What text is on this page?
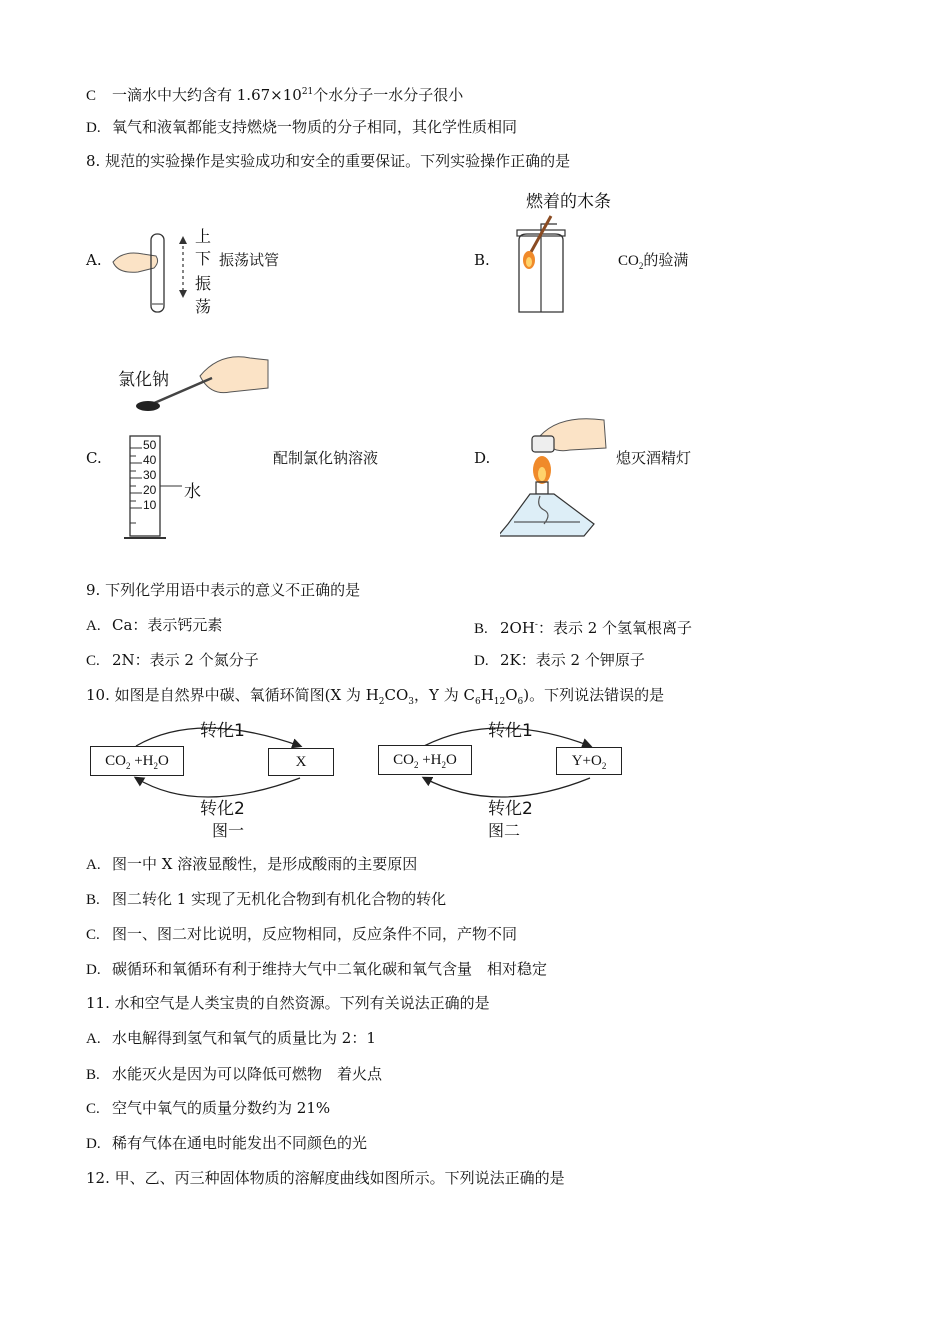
C 一滴水中大约含有 $1.67\times 10^{21}$个水分子一水分子很小
D. 氧气和液氧都能支持燃烧一物质的分子相同，其化学性质相同
8. 规范的实验操作是实验成功和安全的重要保证。下列实验操作正确的是
A.
上
下
振
荡
振荡试管	B.
燃着的木条
$CO_2$的验满
C.
氯化钠
50
40
30
20
10
水
配制氯化钠溶液	D.	熄灭酒精灯
9. 下列化学用语中表示的意义不正确的是
A. Ca：表示钙元素	B. 2OH-：表示 2 个氢氧根离子
C. 2N：表示 2 个氮分子	D. 2K：表示 2 个钾原子
10. 如图是自然界中碳、氧循环简图(X 为 $H_2CO_3$，Y 为 $C_6H_{12}O_6$)。下列说法错误的是
$CO_2 +H_2O$	X
转化1
转化2
图一
$CO_2 +H_2O$	$Y+O_2$
转化1
转化2
图二
A. 图一中 X 溶液显酸性，是形成酸雨的主要原因
B. 图二转化 1 实现了无机化合物到有机化合物的转化
C. 图一、图二对比说明，反应物相同，反应条件不同，产物不同
D. 碳循环和氧循环有利于维持大气中二氧化碳和氧气含量　相对稳定
11. 水和空气是人类宝贵的自然资源。下列有关说法正确的是
A. 水电解得到氢气和氧气的质量比为 2：1
B. 水能灭火是因为可以降低可燃物　着火点
C. 空气中氧气的质量分数约为 21%
D. 稀有气体在通电时能发出不同颜色的光
12. 甲、乙、丙三种固体物质的溶解度曲线如图所示。下列说法正确的是
